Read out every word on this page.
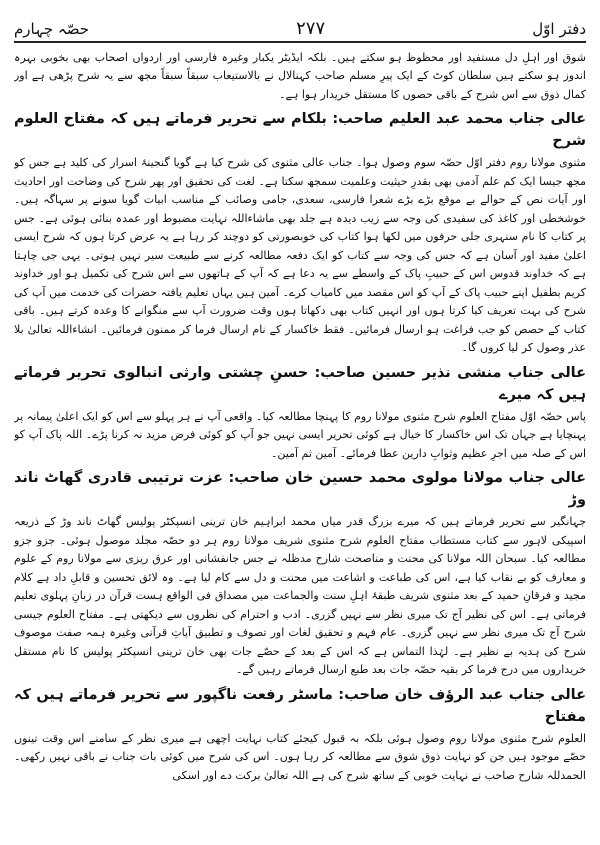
دفتر اوّل
۲۷۷
حصّہ چہارم

شوق اور اہلِ دل مستفید اور محظوظ ہو سکتے ہیں۔ بلکہ ایڈیٹر یکبار وغیرہ فارسی اور اردواں اصحاب بھی بخوبی بہرہ اندوز ہو سکتے ہیں سلطان کوٹ کے ایک پیرِ مسلم صاحب کہنالال نے بالاستیعاب سبقاً سبقاً مجھ سے یہ شرح پڑھی ہے اور کمال ذوق سے اس شرح کے باقی حصوں کا مستقل خریدار ہوا ہے۔

عالی جناب محمد عبد العلیم صاحب: بلکام سے تحریر فرماتے ہیں کہ مفتاح العلوم شرح

مثنوی مولانا روم دفتر اوّل حصّہ سوم وصول ہوا۔ جناب عالی مثنوی کی شرح کیا ہے گویا گنجینۂ اسرار کی کلید ہے جس کو مجھ جیسا ایک کم علم آدمی بھی بقدرِ حیثیت وعلمیت سمجھ سکتا ہے۔ لغت کی تحقیق اور پھر شرح کی وضاحت اور احادیث اور آیات نص کے حوالے بے موقع بڑے بڑے شعرا فارسی، سعدی، جامی وصائب کے مناسب ابیات گویا سونے پر سہاگہ ہیں۔ خوشخطی اور کاغذ کی سفیدی کی وجہ سے زیب دیدہ ہے جلد بھی ماشاءاللہ نہایت مضبوط اور عمدہ بنائی ہوئی ہے۔ جس پر کتاب کا نام سنہری جلی حرفوں میں لکھا ہوا کتاب کی خوبصورتی کو دوچند کر رہا ہے یہ عرض کرتا ہوں کہ شرح ایسی اعلیٰ مفید اور آسان ہے کہ جس کی وجہ سے کتاب کو ایک دفعہ مطالعہ کرنے سے طبیعت سیر نہیں ہوتی۔ یہی جی چاہتا ہے کہ خداوند قدوس اس کے حبیبِ پاک کے واسطے سے یہ دعا ہے کہ آپ کے ہاتھوں سے اس شرح کی تکمیل ہو اور خداوند کریم بطفیل اپنے حبیب پاک کے آپ کو اس مقصد میں کامیاب کرے۔ آمین ہیں یہاں تعلیم یافتہ حضرات کی خدمت میں آپ کی شرح کی بہت تعریف کیا کرتا ہوں اور انہیں کتاب بھی دکھاتا ہوں وقت ضرورت آپ سے منگوانے کا وعدہ کرتے ہیں۔ باقی کتاب کے حصص کو جب فراغت ہو ارسال فرمائیں۔ فقط خاکسار کے نام ارسال فرما کر ممنون فرمائیں۔ انشاءاللہ تعالیٰ بلا عذر وصول کر لیا کروں گا۔

عالی جناب منشی نذیر حسین صاحب: حسنِ چشتی وارثی انبالوی تحریر فرماتے ہیں کہ میرے

پاس حصّہ اوّل مفتاح العلوم شرح مثنوی مولانا روم کا پہنچا مطالعہ کیا۔ واقعی آپ نے ہر پہلو سے اس کو ایک اعلیٰ پیمانہ پر پہنچایا ہے جہاں تک اس خاکسار کا خیال ہے کوئی تحریر ایسی نہیں جو آپ کو کوئی فرض مزید نہ کرنا پڑے۔ اللہ پاک آپ کو اس کے صلہ میں اجرِ عظیم وثوابِ دارین عطا فرمائے۔ آمین ثم آمین۔

عالی جناب مولانا مولوی محمد حسین خان صاحب: عزت ترتیبی قادری گھاٹ ناند وڑ

جہانگیر سے تحریر فرماتے ہیں کہ میرے بزرگ قدر میاں محمد ابراہیم خان ترینی انسپکٹر پولیس گھاٹ ناند وڑ کے ذریعہ اسپیکی لاہور سے کتاب مستطاب مفتاح العلوم شرح مثنوی شریف مولانا روم ہر دو حصّہ مجلد موصول ہوئی۔ جزو جزو مطالعہ کیا۔ سبحان اللہ مولانا کی محنت و مناصحت شارح مدظلہ نے جس جانفشانی اور عرق ریزی سے مولانا روم کے علوم و معارف کو بے نقاب کیا ہے، اس کی طباعت و اشاعت میں محنت و دل سے کام لیا ہے۔ وہ لائق تحسین و قابلِ داد ہے کلام مجید و فرقانِ حمید کے بعد مثنوی شریف طبقۂ اہلِ سنت والجماعت میں مصداق فی الواقع ہست قرآن در زبانِ پہلوی تعلیم فرماتی ہے۔ اس کی نظیر آج تک میری نظر سے نہیں گزری۔ ادب و احترام کی نظروں سے دیکھتی ہے۔ مفتاح العلوم جیسی شرح آج تک میری نظر سے نہیں گزری۔ عام فہم و تحقیق لغات اور تصوف و تطبیق آیاتِ قرآنی وغیرہ ہمہ صفت موصوف شرح کی ہدیہ بے نظیر ہے۔ لہٰذا التماس ہے کہ اس کے بعد کے حصّے جات بھی خان ترینی انسپکٹر پولیس کا نام مستقل خریداروں میں درج فرما کر بقیہ حصّہ جات بعد طبع ارسال فرماتے رہیں گے۔

عالی جناب عبد الرؤف خان صاحب: ماسٹر رفعت ناگپور سے تحریر فرماتے ہیں کہ مفتاح

العلوم شرح مثنوی مولانا روم وصول ہوئی بلکہ بہ قبول کیجئے کتاب نہایت اچھی ہے میری نظر کے سامنے اس وقت تینوں حصّے موجود ہیں جن کو نہایت ذوق شوق سے مطالعہ کر رہا ہوں۔ اس کی شرح میں کوئی بات جناب نے باقی نہیں رکھی۔ الحمدللہ شارح صاحب نے نہایت خوبی کے ساتھ شرح کی ہے اللہ تعالیٰ برکت دے اور اسکی
